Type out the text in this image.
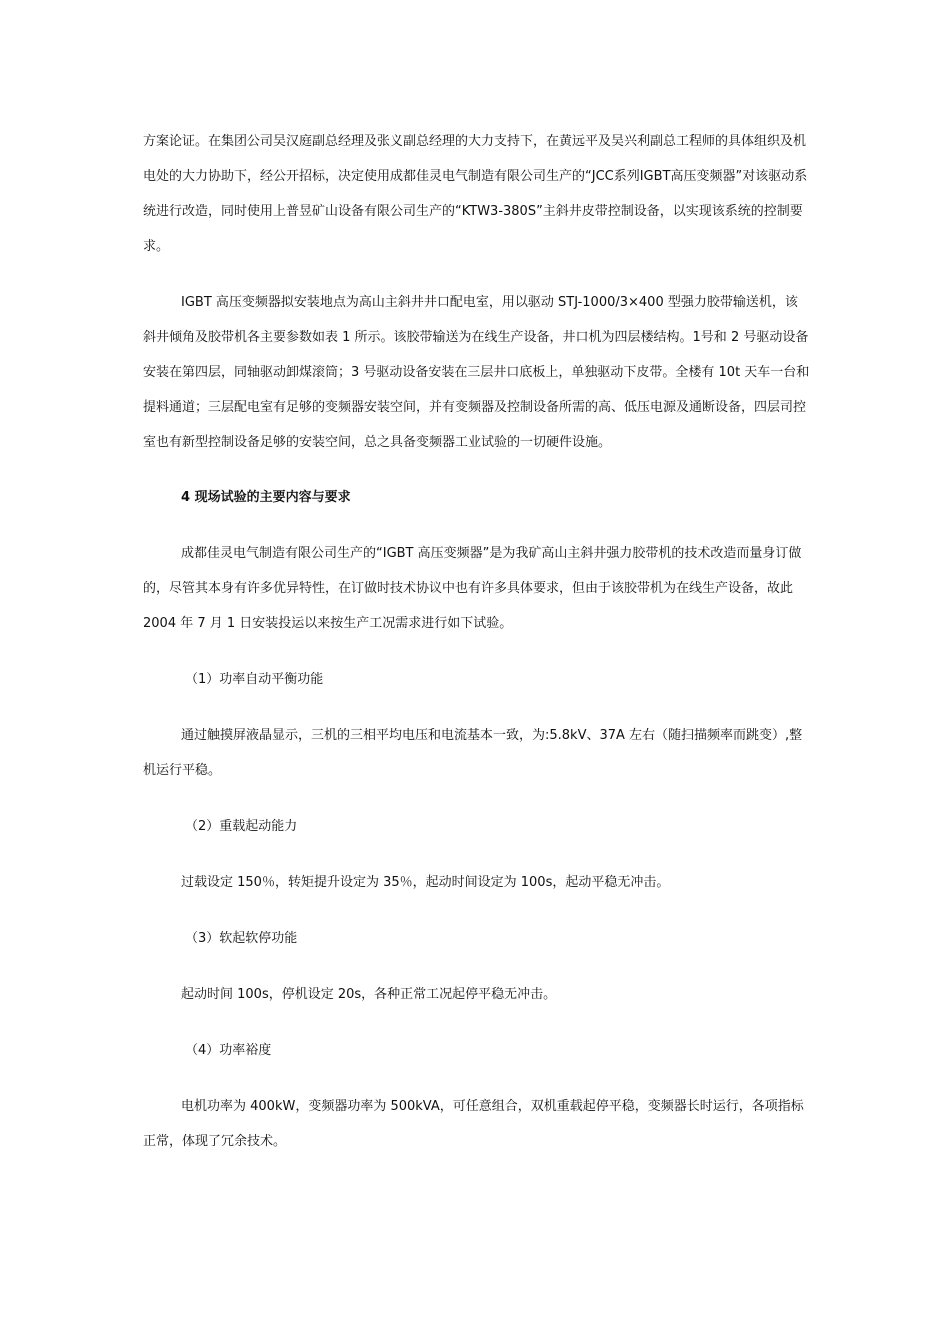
方案论证。在集团公司吴汉庭副总经理及张义副总经理的大力支持下，在黄远平及吴兴利副总工程师的具体组织及机电处的大力协助下，经公开招标，决定使用成都佳灵电气制造有限公司生产的“JCC系列IGBT高压变频器”对该驱动系统进行改造，同时使用上普昱矿山设备有限公司生产的“KTW3-380S”主斜井皮带控制设备，以实现该系统的控制要求。

IGBT 高压变频器拟安装地点为高山主斜井井口配电室，用以驱动 STJ-1000/3×400 型强力胶带输送机，该斜井倾角及胶带机各主要参数如表 1 所示。该胶带输送为在线生产设备，井口机为四层楼结构。1号和 2 号驱动设备安装在第四层，同轴驱动卸煤滚筒；3 号驱动设备安装在三层井口底板上，单独驱动下皮带。全楼有 10t 天车一台和提料通道；三层配电室有足够的变频器安装空间，并有变频器及控制设备所需的高、低压电源及通断设备，四层司控室也有新型控制设备足够的安装空间，总之具备变频器工业试验的一切硬件设施。

4 现场试验的主要内容与要求

成都佳灵电气制造有限公司生产的“IGBT 高压变频器”是为我矿高山主斜井强力胶带机的技术改造而量身订做的，尽管其本身有许多优异特性，在订做时技术协议中也有许多具体要求，但由于该胶带机为在线生产设备，故此 2004 年 7 月 1 日安装投运以来按生产工况需求进行如下试验。

（1）功率自动平衡功能

通过触摸屏液晶显示，三机的三相平均电压和电流基本一致，为:5.8kV、37A 左右（随扫描频率而跳变）,整机运行平稳。

（2）重载起动能力

过载设定 150％，转矩提升设定为 35％，起动时间设定为 100s，起动平稳无冲击。

（3）软起软停功能

起动时间 100s，停机设定 20s，各种正常工况起停平稳无冲击。

（4）功率裕度

电机功率为 400kW，变频器功率为 500kVA，可任意组合，双机重载起停平稳，变频器长时运行，各项指标正常，体现了冗余技术。
